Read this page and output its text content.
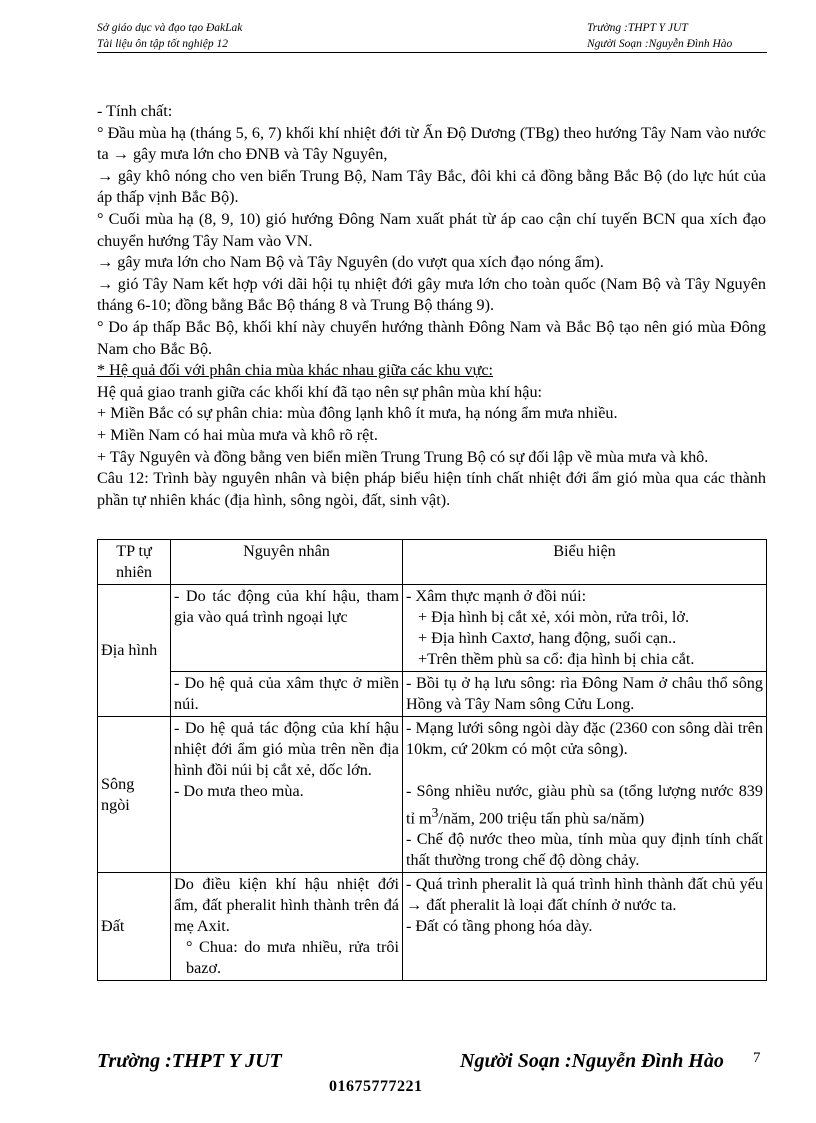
Sở giáo dục và đạo tạo ĐakLak
Tài liệu ôn tập tốt nghiệp 12
Trường :THPT Y JUT
Người Soạn :Nguyễn Đình Hào

- Tính chất:

° Đầu mùa hạ (tháng 5, 6, 7) khối khí nhiệt đới từ Ấn Độ Dương (TBg) theo hướng Tây Nam vào nước ta → gây mưa lớn cho ĐNB và Tây Nguyên,

→ gây khô nóng cho ven biển Trung Bộ, Nam Tây Bắc, đôi khi cả đồng bằng Bắc Bộ (do lực hút của áp thấp vịnh Bắc Bộ).

° Cuối mùa hạ (8, 9, 10) gió hướng Đông Nam xuất phát từ áp cao cận chí tuyến BCN qua xích đạo chuyển hướng Tây Nam vào VN.

→ gây mưa lớn cho Nam Bộ và Tây Nguyên (do vượt qua xích đạo nóng ẩm).

→ gió Tây Nam kết hợp với dãi hội tụ nhiệt đới gây mưa lớn cho toàn quốc (Nam Bộ và Tây Nguyên tháng 6-10; đồng bằng Bắc Bộ tháng 8 và Trung Bộ tháng 9).

° Do áp thấp Bắc Bộ, khối khí này chuyển hướng thành Đông Nam và Bắc Bộ tạo nên gió mùa Đông Nam cho Bắc Bộ.

* Hệ quả đối với phân chia mùa khác nhau giữa các khu vực:

Hệ quả giao tranh giữa các khối khí đã tạo nên sự phân mùa khí hậu:

+ Miền Bắc có sự phân chia: mùa đông lạnh khô ít mưa, hạ nóng ẩm mưa nhiều.

+ Miền Nam có hai mùa mưa và khô rõ rệt.

+ Tây Nguyên và đồng bằng ven biển miền Trung Trung Bộ có sự đối lập về mùa mưa và khô.

Câu 12: Trình bày nguyên nhân và biện pháp biểu hiện tính chất nhiệt đới ẩm gió mùa qua các thành phần tự nhiên khác (địa hình, sông ngòi, đất, sinh vật).

TP tự nhiên	Nguyên nhân	Biểu hiện
Địa hình	- Do tác động của khí hậu, tham gia vào quá trình ngoại lực	- Xâm thực mạnh ở đồi núi:
+ Địa hình bị cắt xẻ, xói mòn, rửa trôi, lở.
+ Địa hình Caxtơ, hang động, suối cạn..
+Trên thềm phù sa cổ: địa hình bị chia cắt.

	- Do hệ quả của xâm thực ở miền núi.	- Bồi tụ ở hạ lưu sông: rìa Đông Nam ở châu thổ sông Hồng và Tây Nam sông Cửu Long.
Sông ngòi	- Do hệ quả tác động của khí hậu nhiệt đới ẩm gió mùa trên nền địa hình đồi núi bị cắt xẻ, dốc lớn.
- Do mưa theo mùa.	- Mạng lưới sông ngòi dày đặc (2360 con sông dài trên 10km, cứ 20km có một cửa sông).

- Sông nhiều nước, giàu phù sa (tổng lượng nước 839 tỉ $m^3$/năm, 200 triệu tấn phù sa/năm)
- Chế độ nước theo mùa, tính mùa quy định tính chất thất thường trong chế độ dòng chảy.

Đất	Do điều kiện khí hậu nhiệt đới ẩm, đất pheralit hình thành trên đá mẹ Axit.
° Chua: do mưa nhiều, rửa trôi bazơ.	- Quá trình pheralit là quá trình hình thành đất chủ yếu → đất pheralit là loại đất chính ở nước ta.
- Đất có tầng phong hóa dày.
Trường :THPT Y JUT	Người Soạn :Nguyễn Đình Hào 7
01675777221
